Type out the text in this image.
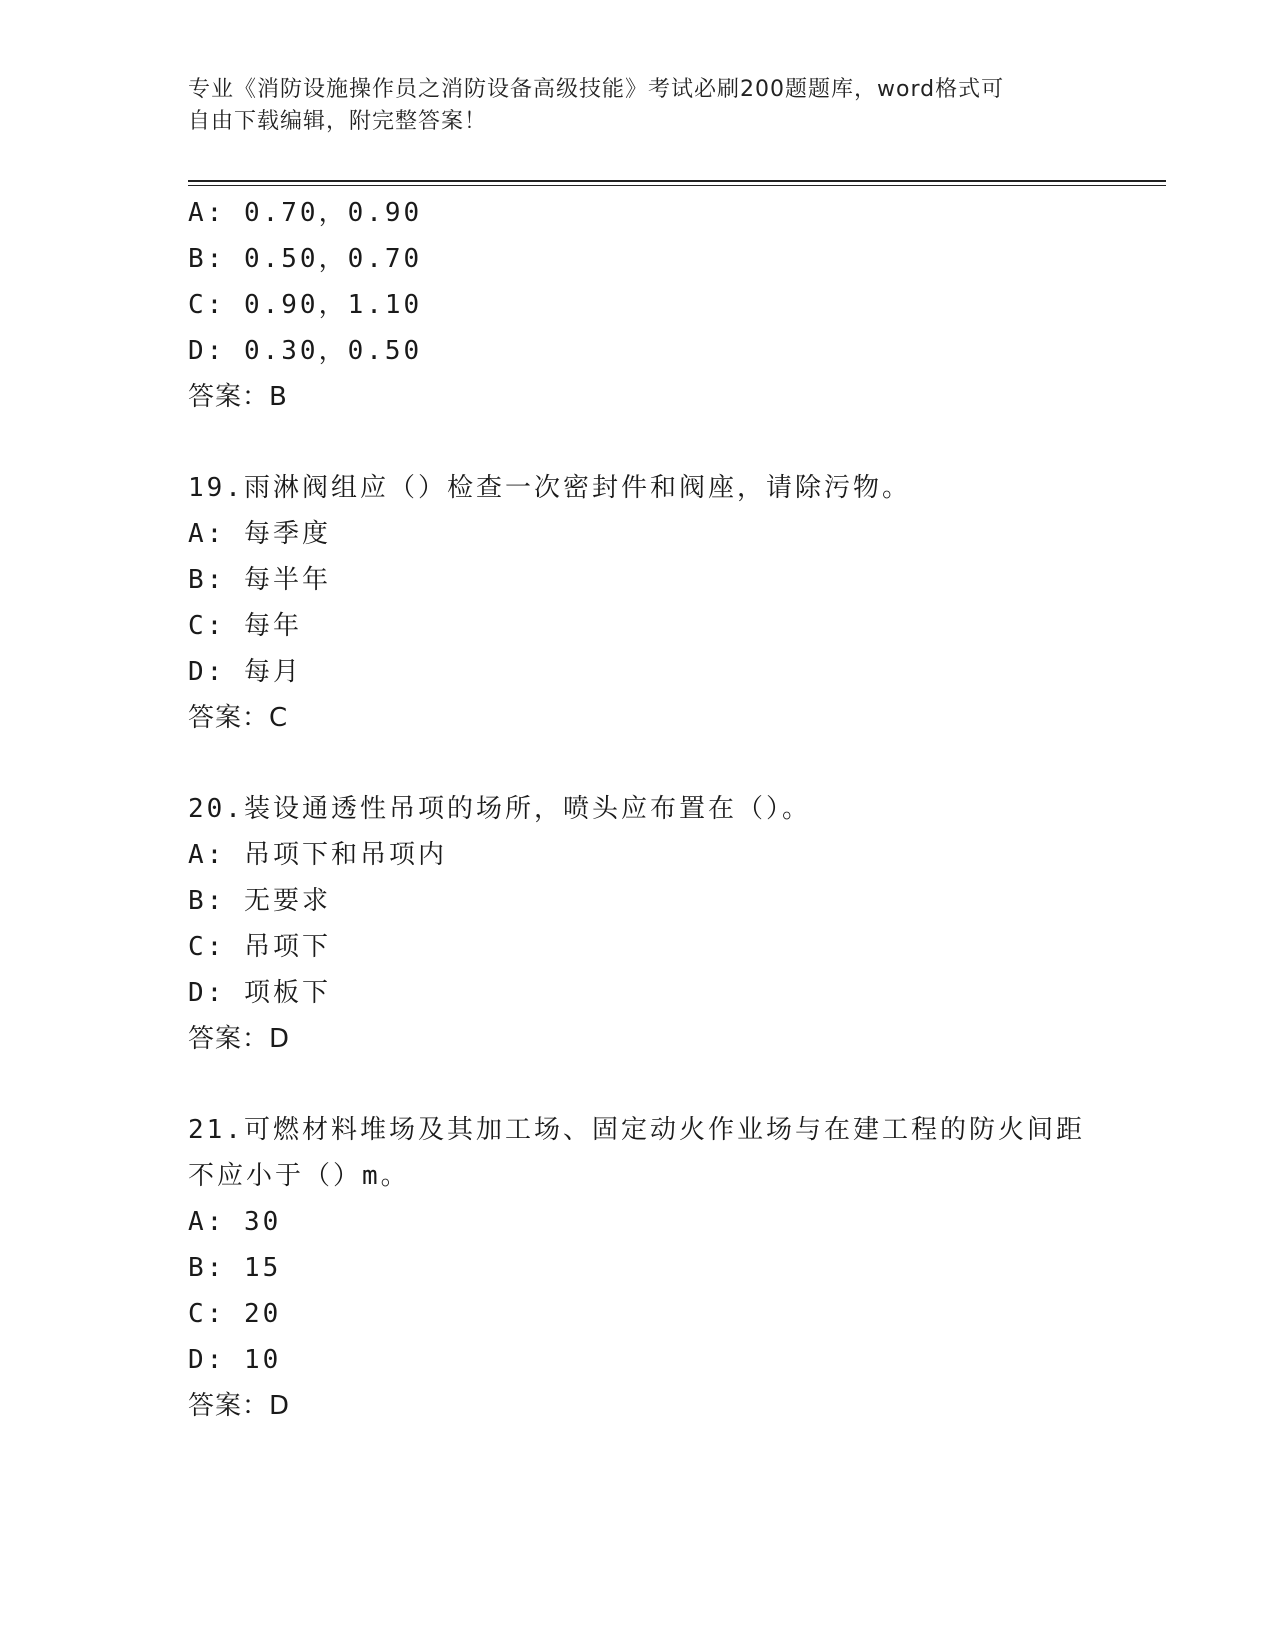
专业《消防设施操作员之消防设备高级技能》考试必刷200题题库，word格式可
自由下载编辑，附完整答案！
A: 0.70，0.90
B: 0.50，0.70
C: 0.90，1.10
D: 0.30，0.50
答案：B
19.雨淋阀组应（）检查一次密封件和阀座，请除污物。
A: 每季度
B: 每半年
C: 每年
D: 每月
答案：C
20.装设通透性吊项的场所，喷头应布置在（）。
A: 吊项下和吊项内
B: 无要求
C: 吊项下
D: 项板下
答案：D
21.可燃材料堆场及其加工场、固定动火作业场与在建工程的防火间距
不应小于（）m。
A: 30
B: 15
C: 20
D: 10
答案：D
